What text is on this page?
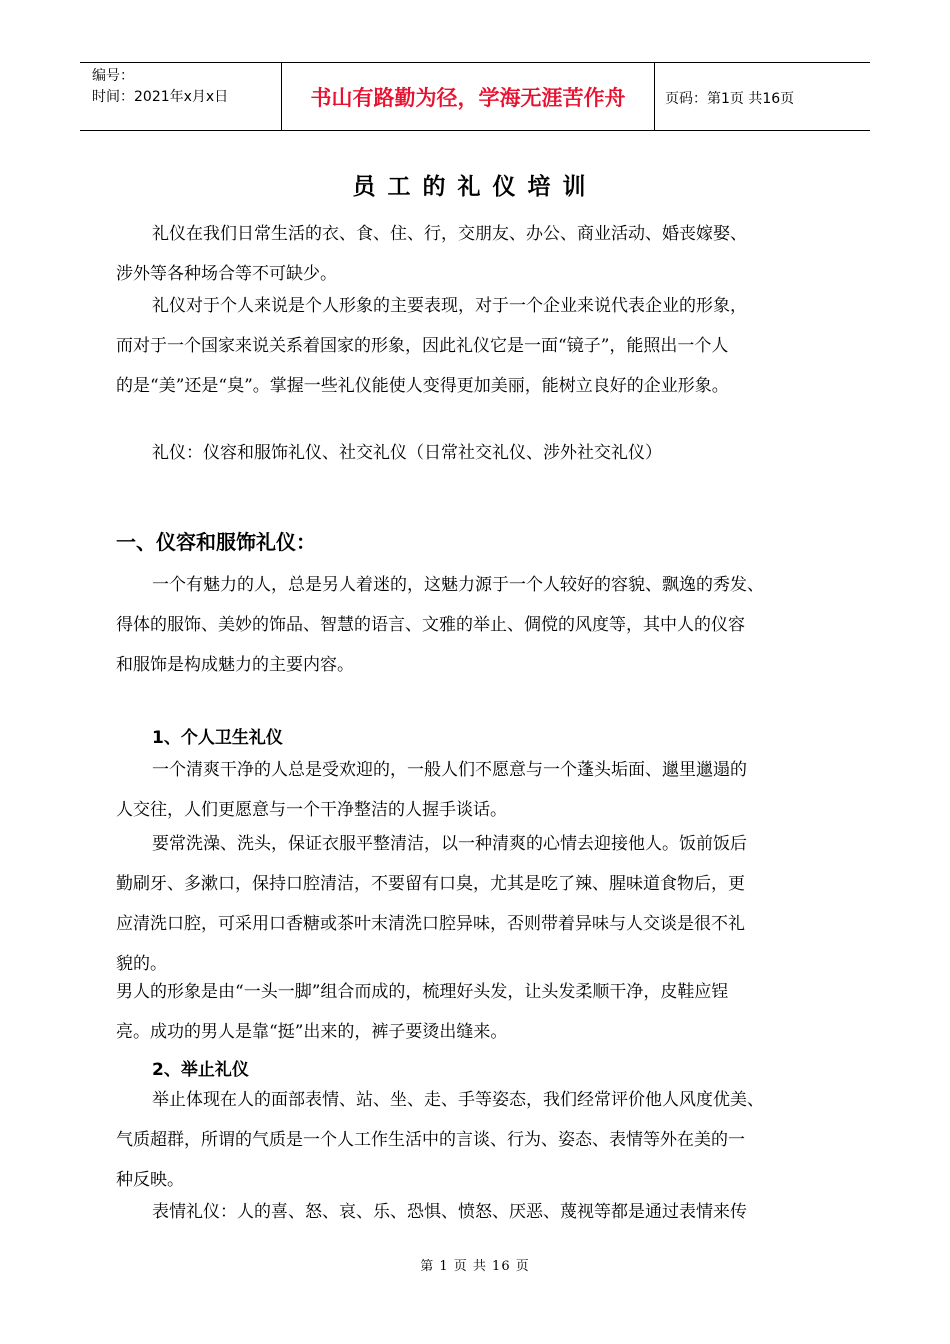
编号：
时间：2021年x月x日	书山有路勤为径，学海无涯苦作舟	页码：第1页 共16页
员工的礼仪培训
礼仪在我们日常生活的衣、食、住、行，交朋友、办公、商业活动、婚丧嫁娶、
涉外等各种场合等不可缺少。
礼仪对于个人来说是个人形象的主要表现，对于一个企业来说代表企业的形象，
而对于一个国家来说关系着国家的形象，因此礼仪它是一面“镜子”，能照出一个人
的是“美”还是“臭”。掌握一些礼仪能使人变得更加美丽，能树立良好的企业形象。
礼仪：仪容和服饰礼仪、社交礼仪（日常社交礼仪、涉外社交礼仪）
一、仪容和服饰礼仪：
一个有魅力的人，总是另人着迷的，这魅力源于一个人较好的容貌、飘逸的秀发、
得体的服饰、美妙的饰品、智慧的语言、文雅的举止、倜傥的风度等，其中人的仪容
和服饰是构成魅力的主要内容。
1、个人卫生礼仪
一个清爽干净的人总是受欢迎的，一般人们不愿意与一个蓬头垢面、邋里邋遢的
人交往，人们更愿意与一个干净整洁的人握手谈话。
要常洗澡、洗头，保证衣服平整清洁，以一种清爽的心情去迎接他人。饭前饭后
勤刷牙、多漱口，保持口腔清洁，不要留有口臭，尤其是吃了辣、腥味道食物后，更
应清洗口腔，可采用口香糖或茶叶末清洗口腔异味，否则带着异味与人交谈是很不礼
貌的。
男人的形象是由“一头一脚”组合而成的，梳理好头发，让头发柔顺干净，皮鞋应锃
亮。成功的男人是靠“挺”出来的，裤子要烫出缝来。
2、举止礼仪
举止体现在人的面部表情、站、坐、走、手等姿态，我们经常评价他人风度优美、
气质超群，所谓的气质是一个人工作生活中的言谈、行为、姿态、表情等外在美的一
种反映。
表情礼仪：人的喜、怒、哀、乐、恐惧、愤怒、厌恶、蔑视等都是通过表情来传
第 1 页 共 16 页
